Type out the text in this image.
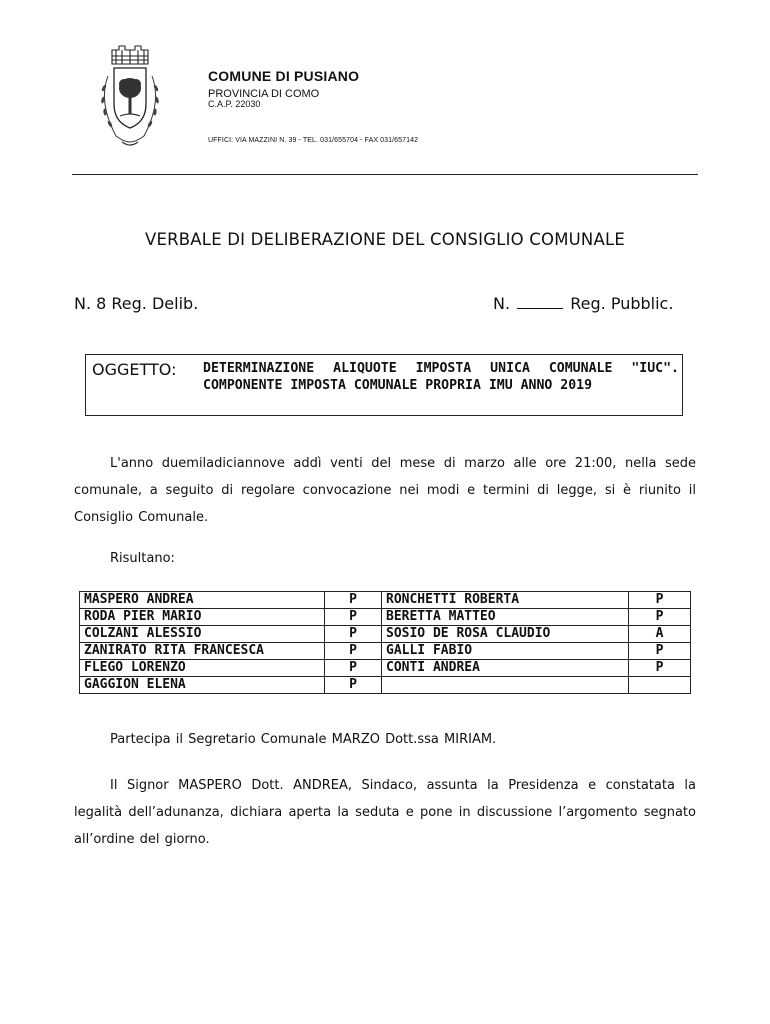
COMUNE DI PUSIANO
PROVINCIA DI COMO
C.A.P. 22030
UFFICI: VIA MAZZINI N. 39 - TEL. 031/655704 - FAX 031/657142
VERBALE DI DELIBERAZIONE DEL CONSIGLIO COMUNALE
N. 8 Reg. Delib.	N.	Reg. Pubblic.
OGGETTO: DETERMINAZIONE ALIQUOTE IMPOSTA UNICA COMUNALE "IUC". COMPONENTE IMPOSTA COMUNALE PROPRIA IMU ANNO 2019
L'anno duemiladiciannove addì venti del mese di marzo alle ore 21:00, nella sede comunale, a seguito di regolare convocazione nei modi e termini di legge, si è riunito il Consiglio Comunale.
Risultano:
MASPERO ANDREA	P	RONCHETTI ROBERTA	P
RODA PIER MARIO	P	BERETTA MATTEO	P
COLZANI ALESSIO	P	SOSIO DE ROSA CLAUDIO	A
ZANIRATO RITA FRANCESCA	P	GALLI FABIO	P
FLEGO LORENZO	P	CONTI ANDREA	P
GAGGION ELENA	P		
Partecipa il Segretario Comunale MARZO Dott.ssa MIRIAM.
Il Signor MASPERO Dott. ANDREA, Sindaco, assunta la Presidenza e constatata la legalità dell’adunanza, dichiara aperta la seduta e pone in discussione l’argomento segnato all’ordine del giorno.
